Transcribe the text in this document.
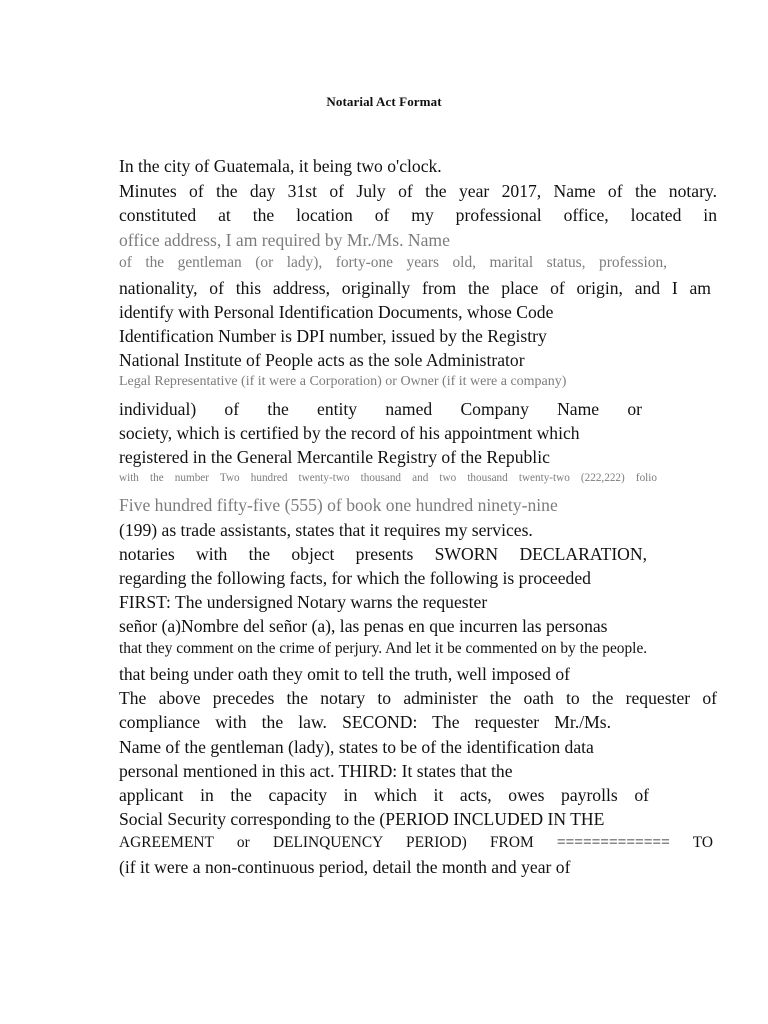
Notarial Act Format
In the city of Guatemala, it being two o'clock.
Minutes of the day 31st of July of the year 2017, Name of the notary.
constituted at the location of my professional office, located in
office address, I am required by Mr./Ms. Name
of the gentleman (or lady), forty-one years old, marital status, profession,
nationality, of this address, originally from the place of origin, and I am
identify with Personal Identification Documents, whose Code
Identification Number is DPI number, issued by the Registry
National Institute of People acts as the sole Administrator
Legal Representative (if it were a Corporation) or Owner (if it were a company)
individual) of the entity named Company Name or
society, which is certified by the record of his appointment which
registered in the General Mercantile Registry of the Republic
with the number Two hundred twenty-two thousand and two thousand twenty-two (222,222) folio
Five hundred fifty-five (555) of book one hundred ninety-nine
(199) as trade assistants, states that it requires my services.
notaries with the object presents SWORN DECLARATION,
regarding the following facts, for which the following is proceeded
FIRST: The undersigned Notary warns the requester
señor (a)Nombre del señor (a), las penas en que incurren las personas
that they comment on the crime of perjury. And let it be commented on by the people.
that being under oath they omit to tell the truth, well imposed of
The above precedes the notary to administer the oath to the requester of
compliance with the law. SECOND: The requester Mr./Ms.
Name of the gentleman (lady), states to be of the identification data
personal mentioned in this act. THIRD: It states that the
applicant in the capacity in which it acts, owes payrolls of
Social Security corresponding to the (PERIOD INCLUDED IN THE
AGREEMENT or DELINQUENCY PERIOD) FROM ============= TO
(if it were a non-continuous period, detail the month and year of
